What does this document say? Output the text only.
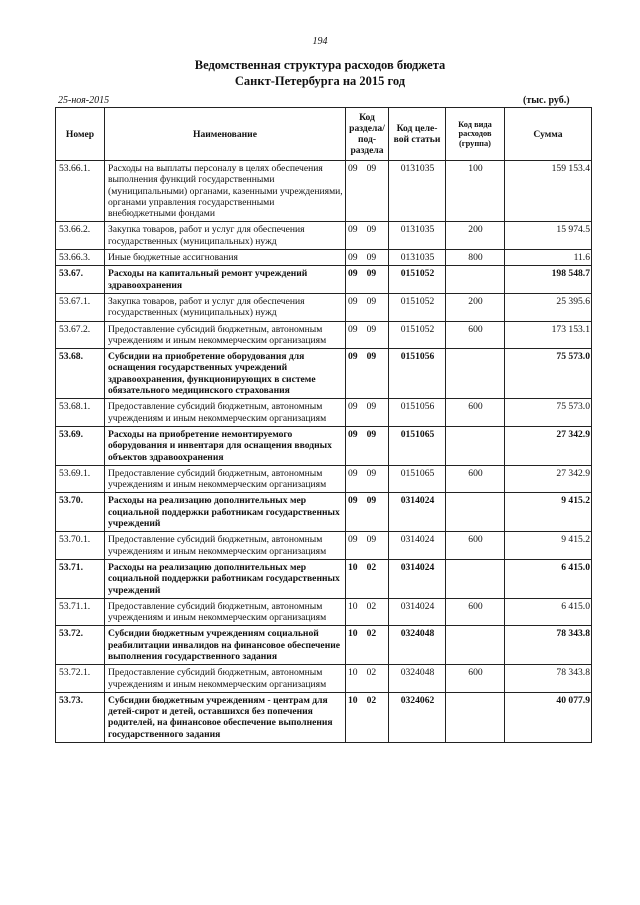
194
Ведомственная структура расходов бюджета
Санкт-Петербурга на 2015 год
25-ноя-2015	(тыс. руб.)
Номер	Наименование	Код раздела/ под- раздела	Код целе- вой статьи	Код вида расходов (группа)	Сумма
53.66.1.	Расходы на выплаты персоналу в целях обеспечения выполнения функций государственными (муниципальными) органами, казенными учреждениями, органами управления государственными внебюджетными фондами	09 09	0131035	100	159 153.4
53.66.2.	Закупка товаров, работ и услуг для обеспечения государственных (муниципальных) нужд	09 09	0131035	200	15 974.5
53.66.3.	Иные бюджетные ассигнования	09 09	0131035	800	11.6
53.67.	Расходы на капитальный ремонт учреждений здравоохранения	09 09	0151052		198 548.7
53.67.1.	Закупка товаров, работ и услуг для обеспечения государственных (муниципальных) нужд	09 09	0151052	200	25 395.6
53.67.2.	Предоставление субсидий бюджетным, автономным учреждениям и иным некоммерческим организациям	09 09	0151052	600	173 153.1
53.68.	Субсидии на приобретение оборудования для оснащения государственных учреждений здравоохранения, функционирующих в системе обязательного медицинского страхования	09 09	0151056		75 573.0
53.68.1.	Предоставление субсидий бюджетным, автономным учреждениям и иным некоммерческим организациям	09 09	0151056	600	75 573.0
53.69.	Расходы на приобретение немонтируемого оборудования и инвентаря для оснащения вводных объектов здравоохранения	09 09	0151065		27 342.9
53.69.1.	Предоставление субсидий бюджетным, автономным учреждениям и иным некоммерческим организациям	09 09	0151065	600	27 342.9
53.70.	Расходы на реализацию дополнительных мер социальной поддержки работникам государственных учреждений	09 09	0314024		9 415.2
53.70.1.	Предоставление субсидий бюджетным, автономным учреждениям и иным некоммерческим организациям	09 09	0314024	600	9 415.2
53.71.	Расходы на реализацию дополнительных мер социальной поддержки работникам государственных учреждений	10 02	0314024		6 415.0
53.71.1.	Предоставление субсидий бюджетным, автономным учреждениям и иным некоммерческим организациям	10 02	0314024	600	6 415.0
53.72.	Субсидии бюджетным учреждениям социальной реабилитации инвалидов на финансовое обеспечение выполнения государственного задания	10 02	0324048		78 343.8
53.72.1.	Предоставление субсидий бюджетным, автономным учреждениям и иным некоммерческим организациям	10 02	0324048	600	78 343.8
53.73.	Субсидии бюджетным учреждениям - центрам для детей-сирот и детей, оставшихся без попечения родителей, на финансовое обеспечение выполнения государственного задания	10 02	0324062		40 077.9
